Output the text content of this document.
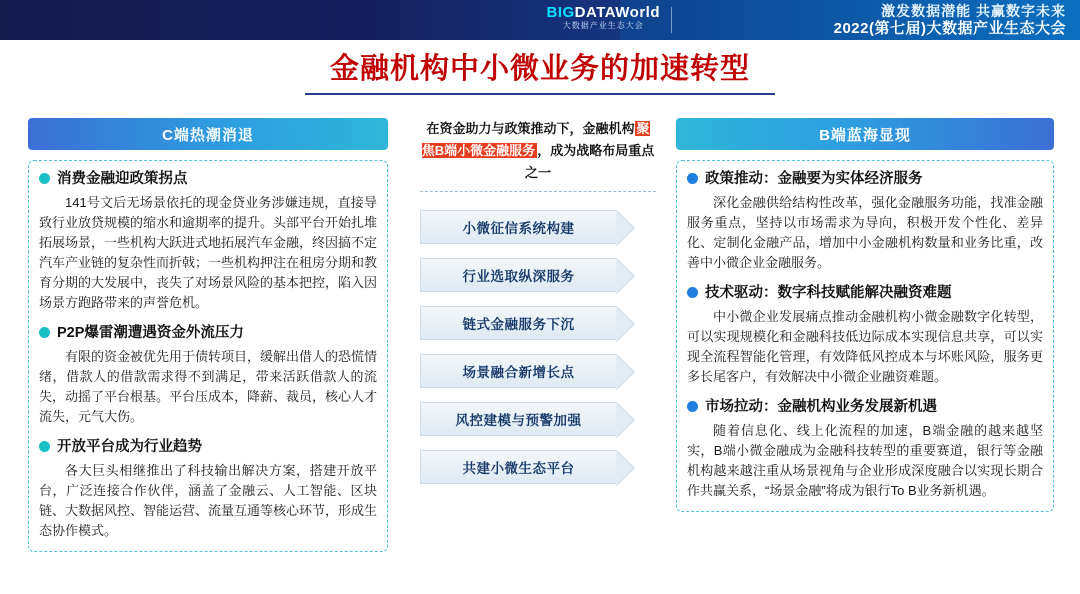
BIGDATAWorld
大数据产业生态大会
激发数据潜能 共赢数字未来
2022(第七届)大数据产业生态大会
金融机构中小微业务的加速转型
C端热潮消退
消费金融迎政策拐点
141号文后无场景依托的现金贷业务涉嫌违规，直接导致行业放贷规模的缩水和逾期率的提升。头部平台开始扎堆拓展场景，一些机构大跃进式地拓展汽车金融，终因搞不定汽车产业链的复杂性而折戟；一些机构押注在租房分期和教育分期的大发展中，丧失了对场景风险的基本把控，陷入因场景方跑路带来的声誉危机。
P2P爆雷潮遭遇资金外流压力
有限的资金被优先用于债转项目，缓解出借人的恐慌情绪，借款人的借款需求得不到满足，带来活跃借款人的流失，动摇了平台根基。平台压成本，降薪、裁员，核心人才流失，元气大伤。
开放平台成为行业趋势
各大巨头相继推出了科技输出解决方案，搭建开放平台，广泛连接合作伙伴，涵盖了金融云、人工智能、区块链、大数据风控、智能运营、流量互通等核心环节，形成生态协作模式。
在资金助力与政策推动下，金融机构 聚焦B端小微金融服务 ，成为战略布局重点之一
小微征信系统构建
行业选取纵深服务
链式金融服务下沉
场景融合新增长点
风控建模与预警加强
共建小微生态平台
B端蓝海显现
政策推动：金融要为实体经济服务
深化金融供给结构性改革，强化金融服务功能，找准金融服务重点，坚持以市场需求为导向，积极开发个性化、差异化、定制化金融产品，增加中小金融机构数量和业务比重，改善中小微企业金融服务。
技术驱动：数字科技赋能解决融资难题
中小微企业发展痛点推动金融机构小微金融数字化转型，可以实现规模化和金融科技低边际成本实现信息共享，可以实现全流程智能化管理，有效降低风控成本与坏账风险，服务更多长尾客户，有效解决中小微企业融资难题。
市场拉动：金融机构业务发展新机遇
随着信息化、线上化流程的加速，B端金融的越来越坚实，B端小微金融成为金融科技转型的重要赛道，银行等金融机构越来越注重从场景视角与企业形成深度融合以实现长期合作共赢关系，“场景金融”将成为银行To B业务新机遇。
